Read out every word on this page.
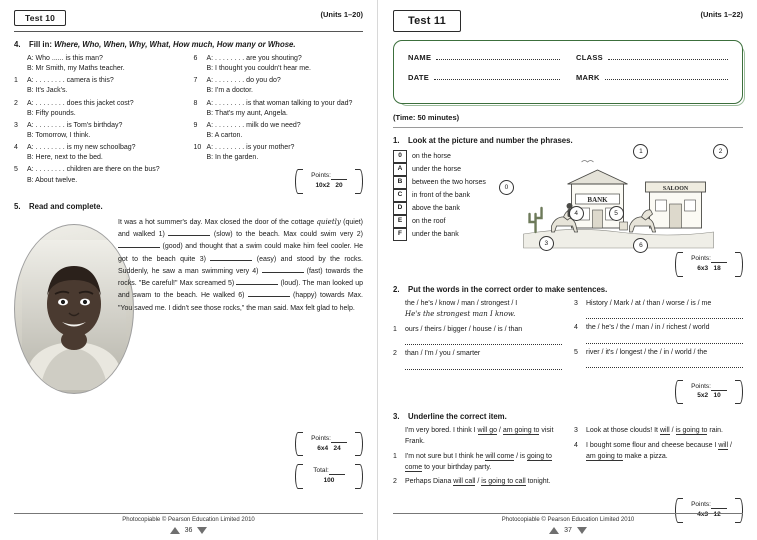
Test 10	(Units 1–20)
4.	Fill in: Where, Who, When, Why, What, How much, How many or Whose.
A: Who ...... is this man?
B: Mr Smith, my Maths teacher.
1	A: . . . . . . . . camera is this?
B: It's Jack's.
2	A: . . . . . . . . does this jacket cost?
B: Fifty pounds.
3	A: . . . . . . . . is Tom's birthday?
B: Tomorrow, I think.
4	A: . . . . . . . . is my new schoolbag?
B: Here, next to the bed.
5	A: . . . . . . . . children are there on the bus?
B: About twelve.
6	A: . . . . . . . . are you shouting?
B: I thought you couldn't hear me.
7	A: . . . . . . . . do you do?
B: I'm a doctor.
8	A: . . . . . . . . is that woman talking to your dad?
B: That's my aunt, Angela.
9	A: . . . . . . . . milk do we need?
B: A carton.
10 A: . . . . . . . . is your mother?
B: In the garden.
Points:
10x2 20
5.	Read and complete.
It was a hot summer's day. Max closed the door of the cottage quietly (quiet) and walked 1)	(slow) to the beach. Max could swim very 2)  (good) and thought that a swim could make him feel cooler. He got to the beach quite 3)	(easy) and stood by the rocks. Suddenly, he saw a man swimming very 4)	(fast) towards the rocks. "Be careful!" Max screamed 5)	(loud). The man looked up and swam to the beach. He walked 6)	(happy) towards Max. "You saved me. I didn't see those rocks," the man said. Max felt glad to help.
Points:
6x4 24
Total:
100
Photocopiable © Pearson Education Limited 2010
36
Test 11
(Units 1–22)
NAME	CLASS
DATE	MARK
(Time: 50 minutes)
1.	Look at the picture and number the phrases.
0	on the horse
A	under the horse
B	between the two horses
C	in front of the bank
D	above the bank
E	on the roof
F	under the bank
BANK
SALOON
1	2
0
4	5
3	6
Points:
6x3 18
2.	Put the words in the correct order to make sentences.
the / he's / know / man / strongest / I
He's the strongest man I know.
1	ours / theirs / bigger / house / is / than
2	than / I'm / you / smarter
3	History / Mark / at / than / worse / is / me
4	the / he's / the / man / in / richest / world
5	river / it's / longest / the / in / world / the
Points:
5x2 10
3.	Underline the correct item.
I'm very bored. I think I will go / am going to visit Frank.
1	I'm not sure but I think he will come / is going to come to your birthday party.
2	Perhaps Diana will call / is going to call tonight.
3	Look at those clouds! It will / is going to rain.
4	I bought some flour and cheese because I will / am going to make a pizza.
Points:
4x3 12
Photocopiable © Pearson Education Limited 2010
37
